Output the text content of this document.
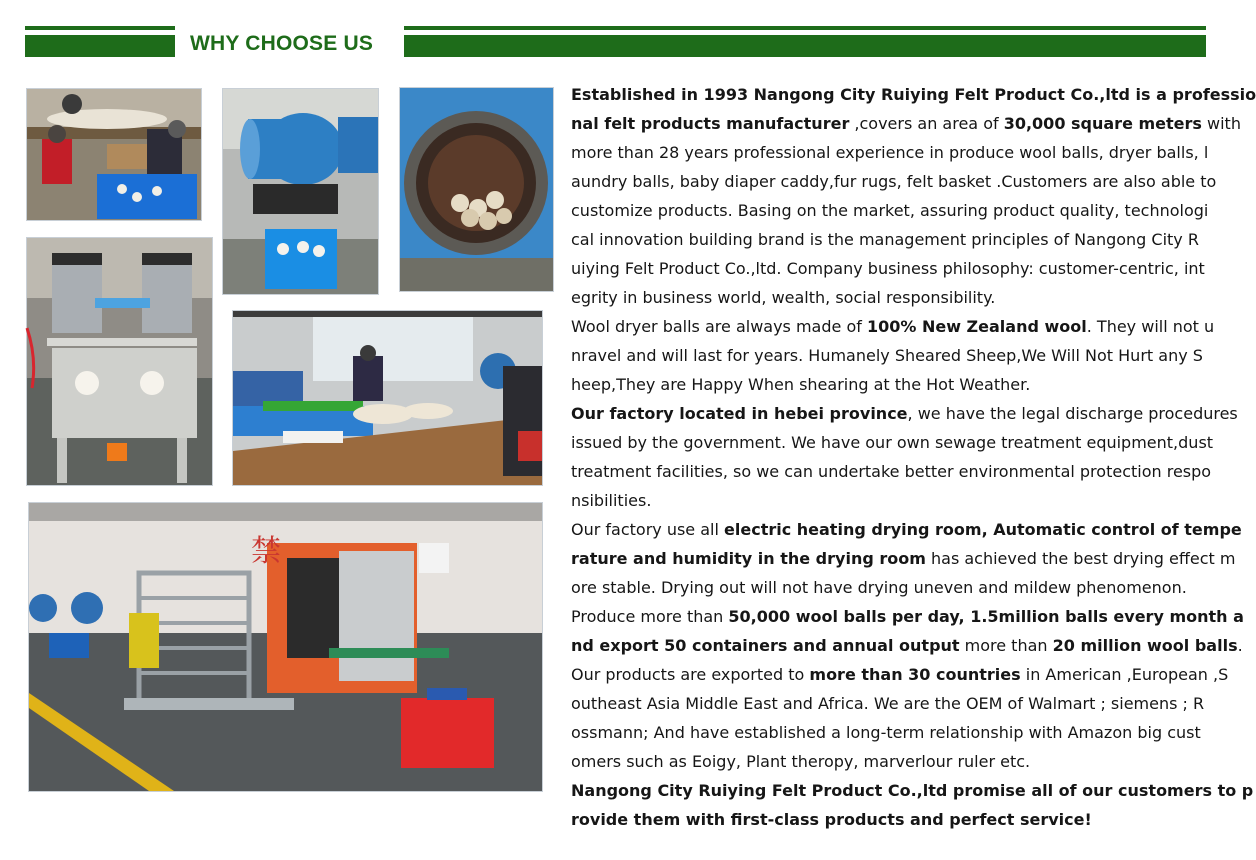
WHY CHOOSE US
禁
Established in 1993 Nangong City Ruiying Felt Product Co.,ltd is a professio
nal felt products manufacturer ,covers an area of 30,000 square meters with
more than 28 years professional experience in produce wool balls, dryer balls, l
aundry balls, baby diaper caddy,fur rugs, felt basket .Customers are also able to
customize products. Basing on the market, assuring product quality, technologi
cal innovation building brand is the management principles of Nangong City R
uiying Felt Product Co.,ltd. Company business philosophy: customer-centric, int
egrity in business world, wealth, social responsibility.
Wool dryer balls are always made of 100% New Zealand wool. They will not u
nravel and will last for years. Humanely Sheared Sheep,We Will Not Hurt any S
heep,They are Happy When shearing at the Hot Weather.
Our factory located in hebei province, we have the legal discharge procedures
issued by the government. We have our own sewage treatment equipment,dust
treatment facilities, so we can undertake better environmental protection respo
nsibilities.
Our factory use all electric heating drying room, Automatic control of tempe
rature and humidity in the drying room has achieved the best drying effect m
ore stable. Drying out will not have drying uneven and mildew phenomenon.
Produce more than 50,000 wool balls per day, 1.5million balls every month a
nd export 50 containers and annual output more than 20 million wool balls.
Our products are exported to more than 30 countries in American ,European ,S
outheast Asia Middle East and Africa. We are the OEM of Walmart ; siemens ; R
ossmann; And have established a long-term relationship with Amazon big cust
omers such as Eoigy, Plant theropy, marverlour ruler etc.
Nangong City Ruiying Felt Product Co.,ltd promise all of our customers to p
rovide them with first-class products and perfect service!
